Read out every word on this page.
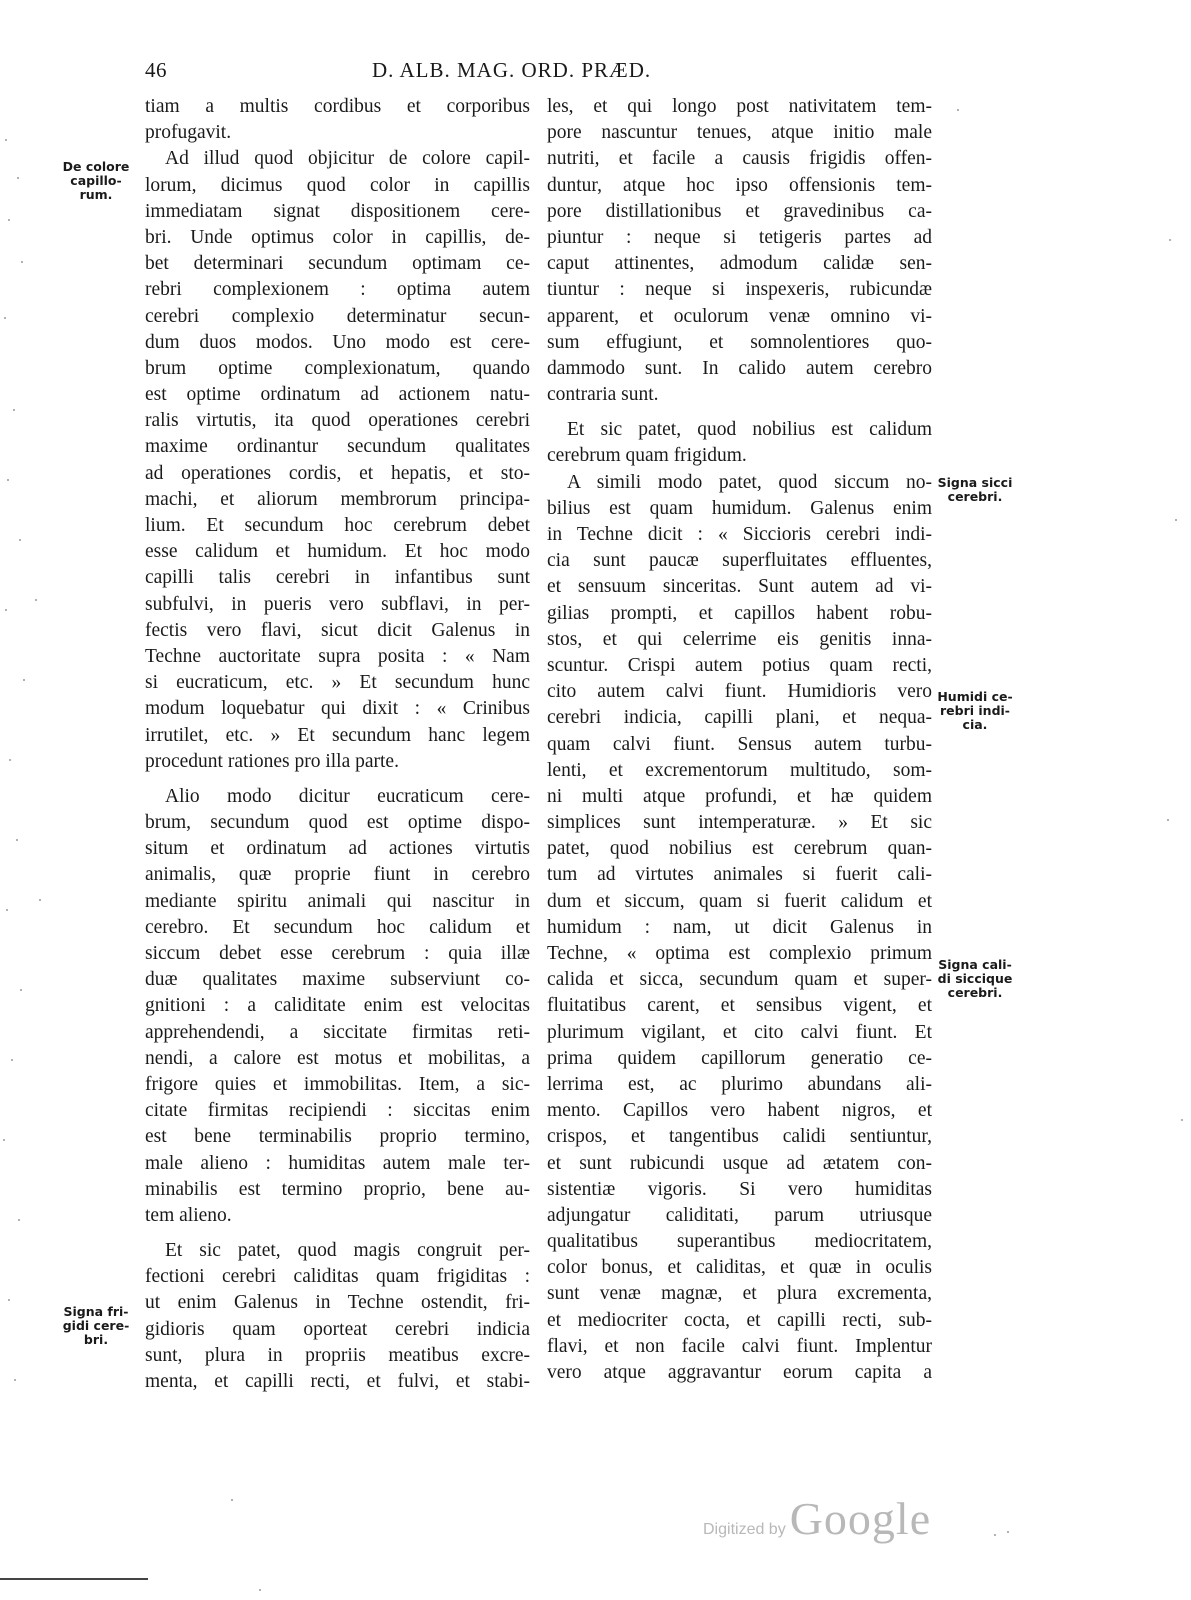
46	D. ALB. MAG. ORD. PRÆD.
tiam a multis cordibus et corporibus
profugavit.
Ad illud quod objicitur de colore capil-
lorum, dicimus quod color in capillis
immediatam signat dispositionem cere-
bri. Unde optimus color in capillis, de-
bet determinari secundum optimam ce-
rebri complexionem : optima autem
cerebri complexio determinatur secun-
dum duos modos. Uno modo est cere-
brum optime complexionatum, quando
est optime ordinatum ad actionem natu-
ralis virtutis, ita quod operationes cerebri
maxime ordinantur secundum qualitates
ad operationes cordis, et hepatis, et sto-
machi, et aliorum membrorum principa-
lium. Et secundum hoc cerebrum debet
esse calidum et humidum. Et hoc modo
capilli talis cerebri in infantibus sunt
subfulvi, in pueris vero subflavi, in per-
fectis vero flavi, sicut dicit Galenus in
Techne auctoritate supra posita : « Nam
si eucraticum, etc. » Et secundum hunc
modum loquebatur qui dixit : « Crinibus
irrutilet, etc. » Et secundum hanc legem
procedunt rationes pro illa parte.
Alio modo dicitur eucraticum cere-
brum, secundum quod est optime dispo-
situm et ordinatum ad actiones virtutis
animalis, quæ proprie fiunt in cerebro
mediante spiritu animali qui nascitur in
cerebro. Et secundum hoc calidum et
siccum debet esse cerebrum : quia illæ
duæ qualitates maxime subserviunt co-
gnitioni : a caliditate enim est velocitas
apprehendendi, a siccitate firmitas reti-
nendi, a calore est motus et mobilitas, a
frigore quies et immobilitas. Item, a sic-
citate firmitas recipiendi : siccitas enim
est bene terminabilis proprio termino,
male alieno : humiditas autem male ter-
minabilis est termino proprio, bene au-
tem alieno.
Et sic patet, quod magis congruit per-
fectioni cerebri caliditas quam frigiditas :
ut enim Galenus in Techne ostendit, fri-
gidioris quam oporteat cerebri indicia
sunt, plura in propriis meatibus excre-
menta, et capilli recti, et fulvi, et stabi-
les, et qui longo post nativitatem tem-
pore nascuntur tenues, atque initio male
nutriti, et facile a causis frigidis offen-
duntur, atque hoc ipso offensionis tem-
pore distillationibus et gravedinibus ca-
piuntur : neque si tetigeris partes ad
caput attinentes, admodum calidæ sen-
tiuntur : neque si inspexeris, rubicundæ
apparent, et oculorum venæ omnino vi-
sum effugiunt, et somnolentiores quo-
dammodo sunt. In calido autem cerebro
contraria sunt.
Et sic patet, quod nobilius est calidum
cerebrum quam frigidum.
A simili modo patet, quod siccum no-
bilius est quam humidum. Galenus enim
in Techne dicit : « Siccioris cerebri indi-
cia sunt paucæ superfluitates effluentes,
et sensuum sinceritas. Sunt autem ad vi-
gilias prompti, et capillos habent robu-
stos, et qui celerrime eis genitis inna-
scuntur. Crispi autem potius quam recti,
cito autem calvi fiunt. Humidioris vero
cerebri indicia, capilli plani, et nequa-
quam calvi fiunt. Sensus autem turbu-
lenti, et excrementorum multitudo, som-
ni multi atque profundi, et hæ quidem
simplices sunt intemperaturæ. » Et sic
patet, quod nobilius est cerebrum quan-
tum ad virtutes animales si fuerit cali-
dum et siccum, quam si fuerit calidum et
humidum : nam, ut dicit Galenus in
Techne, « optima est complexio primum
calida et sicca, secundum quam et super-
fluitatibus carent, et sensibus vigent, et
plurimum vigilant, et cito calvi fiunt. Et
prima quidem capillorum generatio ce-
lerrima est, ac plurimo abundans ali-
mento. Capillos vero habent nigros, et
crispos, et tangentibus calidi sentiuntur,
et sunt rubicundi usque ad ætatem con-
sistentiæ vigoris. Si vero humiditas
adjungatur caliditati, parum utriusque
qualitatibus superantibus mediocritatem,
color bonus, et caliditas, et quæ in oculis
sunt venæ magnæ, et plura excrementa,
et mediocriter cocta, et capilli recti, sub-
flavi, et non facile calvi fiunt. Implentur
vero atque aggravantur eorum capita a
De colore
capillo-
rum.
Signa sicci
cerebri.
Humidi ce-
rebri indi-
cia.
Signa cali-
di siccique
cerebri.
Signa fri-
gidi cere-
bri.
Digitized by Google
